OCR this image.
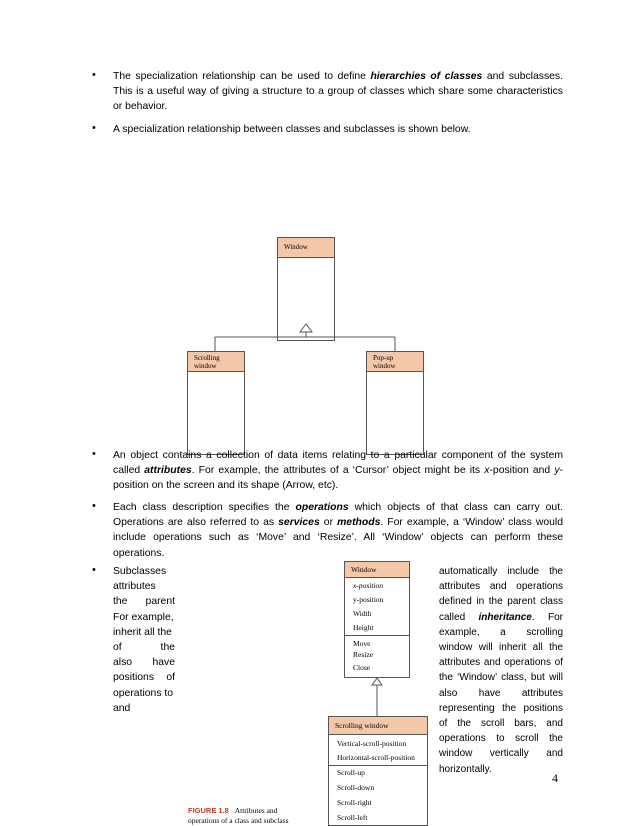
• The specialization relationship can be used to define hierarchies of classes and subclasses. This is a useful way of giving a structure to a group of classes which share some characteristics or behavior.
• A specialization relationship between classes and subclasses is shown below.
Window
Scrolling
window
Pop-up
window
• An object contains a collection of data items relating to a particular component of the system called attributes. For example, the attributes of a ‘Cursor’ object might be its x-position and y-position on the screen and its shape (Arrow, etc).
• Each class description specifies the operations which objects of that class can carry out. Operations are also referred to as services or methods. For example, a ‘Window’ class would include operations such as ‘Move’ and ‘Resize’. All ‘Window’ objects can perform these operations.
• Subclasses
attributes
the parent
For example,
inherit all the
of the
also have
positions of
operations to
and
automatically include the attributes and operations defined in the parent class called inheritance. For example, a scrolling window will inherit all the attributes and operations of the ‘Window’ class, but will also have attributes representing the positions of the scroll bars, and operations to scroll the window vertically and horizontally.
Window
x-position
y-position
Width
Height
Move
Resize
Close
Scrolling window
Vertical-scroll-position
Horizontal-scroll-position
Scroll-up
Scroll-down
Scroll-right
Scroll-left
FIGURE 1.8 Attributes and
operations of a class and subclass
4
